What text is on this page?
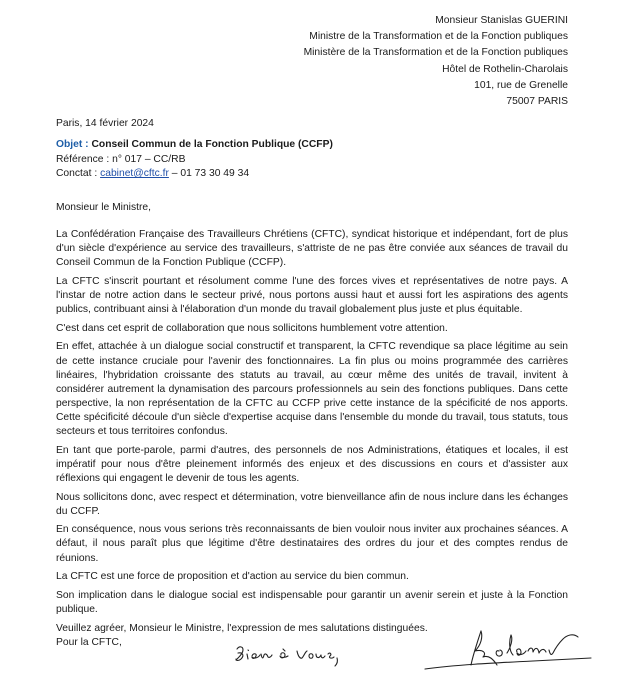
Monsieur Stanislas GUERINI
Ministre de la Transformation et de la Fonction publiques
Ministère de la Transformation et de la Fonction publiques
Hôtel de Rothelin-Charolais
101, rue de Grenelle
75007 PARIS
Paris, 14 février 2024
Objet : Conseil Commun de la Fonction Publique (CCFP)
Référence : n° 017 – CC/RB
Conctat : cabinet@cftc.fr – 01 73 30 49 34
Monsieur le Ministre,

La Confédération Française des Travailleurs Chrétiens (CFTC), syndicat historique et indépendant, fort de plus d'un siècle d'expérience au service des travailleurs, s'attriste de ne pas être conviée aux séances de travail du Conseil Commun de la Fonction Publique (CCFP).

La CFTC s'inscrit pourtant et résolument comme l'une des forces vives et représentatives de notre pays. A l'instar de notre action dans le secteur privé, nous portons aussi haut et aussi fort les aspirations des agents publics, contribuant ainsi à l'élaboration d'un monde du travail globalement plus juste et plus équitable.

C'est dans cet esprit de collaboration que nous sollicitons humblement votre attention.

En effet, attachée à un dialogue social constructif et transparent, la CFTC revendique sa place légitime au sein de cette instance cruciale pour l'avenir des fonctionnaires. La fin plus ou moins programmée des carrières linéaires, l'hybridation croissante des statuts au travail, au cœur même des unités de travail, invitent à considérer autrement la dynamisation des parcours professionnels au sein des fonctions publiques. Dans cette perspective, la non représentation de la CFTC au CCFP prive cette instance de la spécificité de nos apports. Cette spécificité découle d'un siècle d'expertise acquise dans l'ensemble du monde du travail, tous statuts, tous secteurs et tous territoires confondus.

En tant que porte-parole, parmi d'autres, des personnels de nos Administrations, étatiques et locales, il est impératif pour nous d'être pleinement informés des enjeux et des discussions en cours et d'assister aux réflexions qui engagent le devenir de tous les agents.

Nous sollicitons donc, avec respect et détermination, votre bienveillance afin de nous inclure dans les échanges du CCFP.

En conséquence, nous vous serions très reconnaissants de bien vouloir nous inviter aux prochaines séances. A défaut, il nous paraît plus que légitime d'être destinataires des ordres du jour et des comptes rendus de réunions.

La CFTC est une force de proposition et d'action au service du bien commun.

Son implication dans le dialogue social est indispensable pour garantir un avenir serein et juste à la Fonction publique.

Veuillez agréer, Monsieur le Ministre, l'expression de mes salutations distinguées.

Pour la CFTC,
